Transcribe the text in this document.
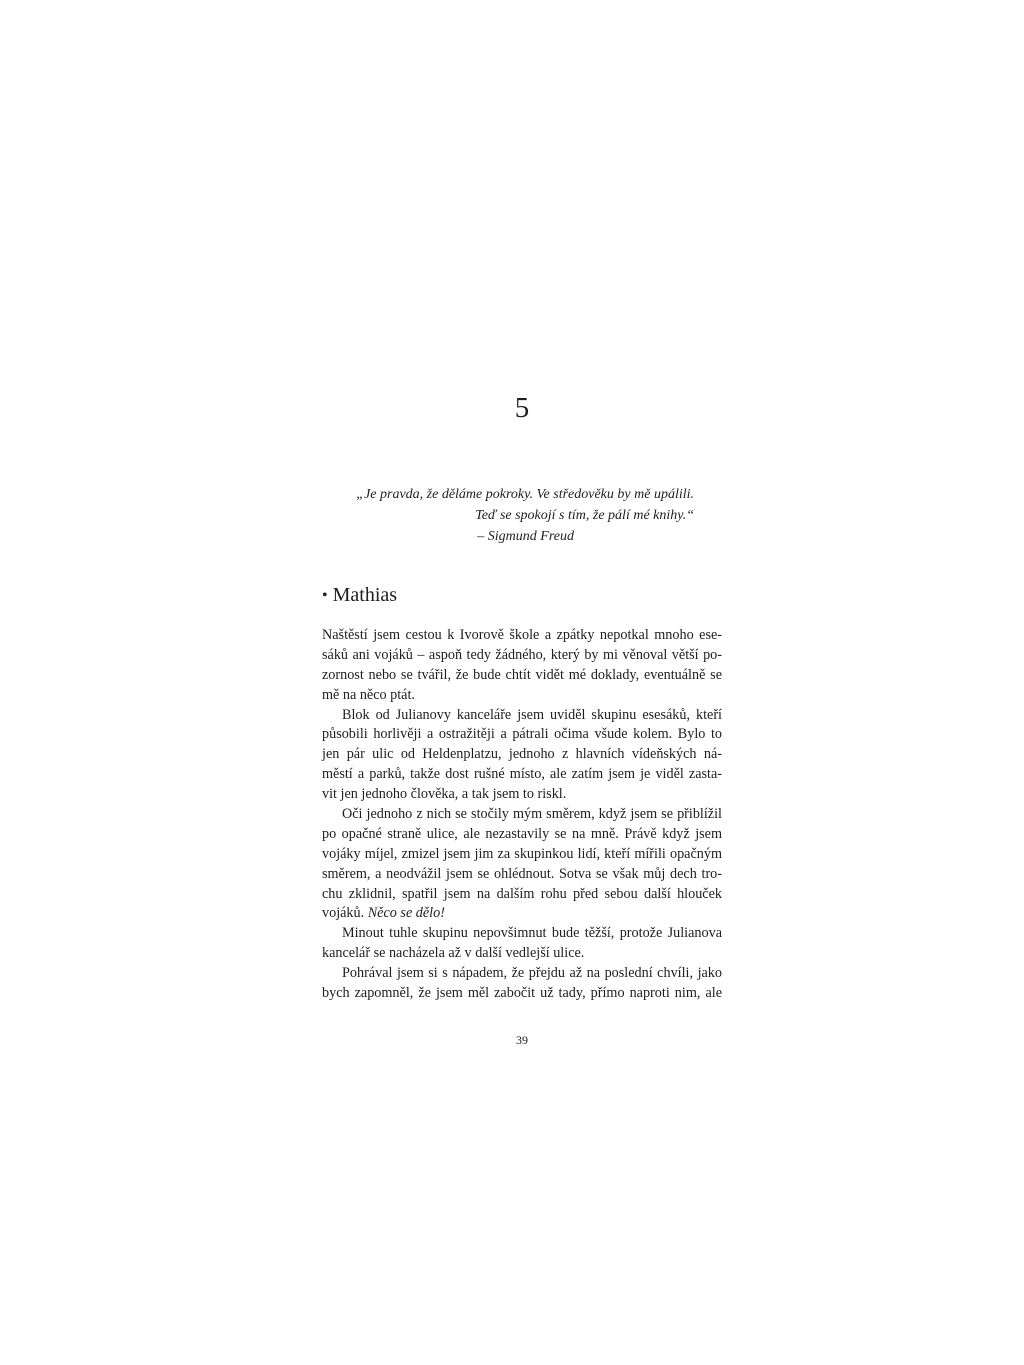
5
„Je pravda, že děláme pokroky. Ve středověku by mě upálili.
Teď se spokojí s tím, že pálí mé knihy.“
– Sigmund Freud
• Mathias
Naštěstí jsem cestou k Ivorově škole a zpátky nepotkal mnoho ese-
sáků ani vojáků – aspoň tedy žádného, který by mi věnoval větší po-
zornost nebo se tvářil, že bude chtít vidět mé doklady, eventuálně se
mě na něco ptát.
Blok od Julianovy kanceláře jsem uviděl skupinu esesáků, kteří
působili horlivěji a ostražitěji a pátrali očima všude kolem. Bylo to
jen pár ulic od Heldenplatzu, jednoho z hlavních vídeňských ná-
městí a parků, takže dost rušné místo, ale zatím jsem je viděl zasta-
vit jen jednoho člověka, a tak jsem to riskl.
Oči jednoho z nich se stočily mým směrem, když jsem se přiblížil
po opačné straně ulice, ale nezastavily se na mně. Právě když jsem
vojáky míjel, zmizel jsem jim za skupinkou lidí, kteří mířili opačným
směrem, a neodvážil jsem se ohlédnout. Sotva se však můj dech tro-
chu zklidnil, spatřil jsem na dalším rohu před sebou další hlouček
vojáků. Něco se dělo!
Minout tuhle skupinu nepovšimnut bude těžší, protože Julianova
kancelář se nacházela až v další vedlejší ulice.
Pohrával jsem si s nápadem, že přejdu až na poslední chvíli, jako
bych zapomněl, že jsem měl zabočit už tady, přímo naproti nim, ale
39
